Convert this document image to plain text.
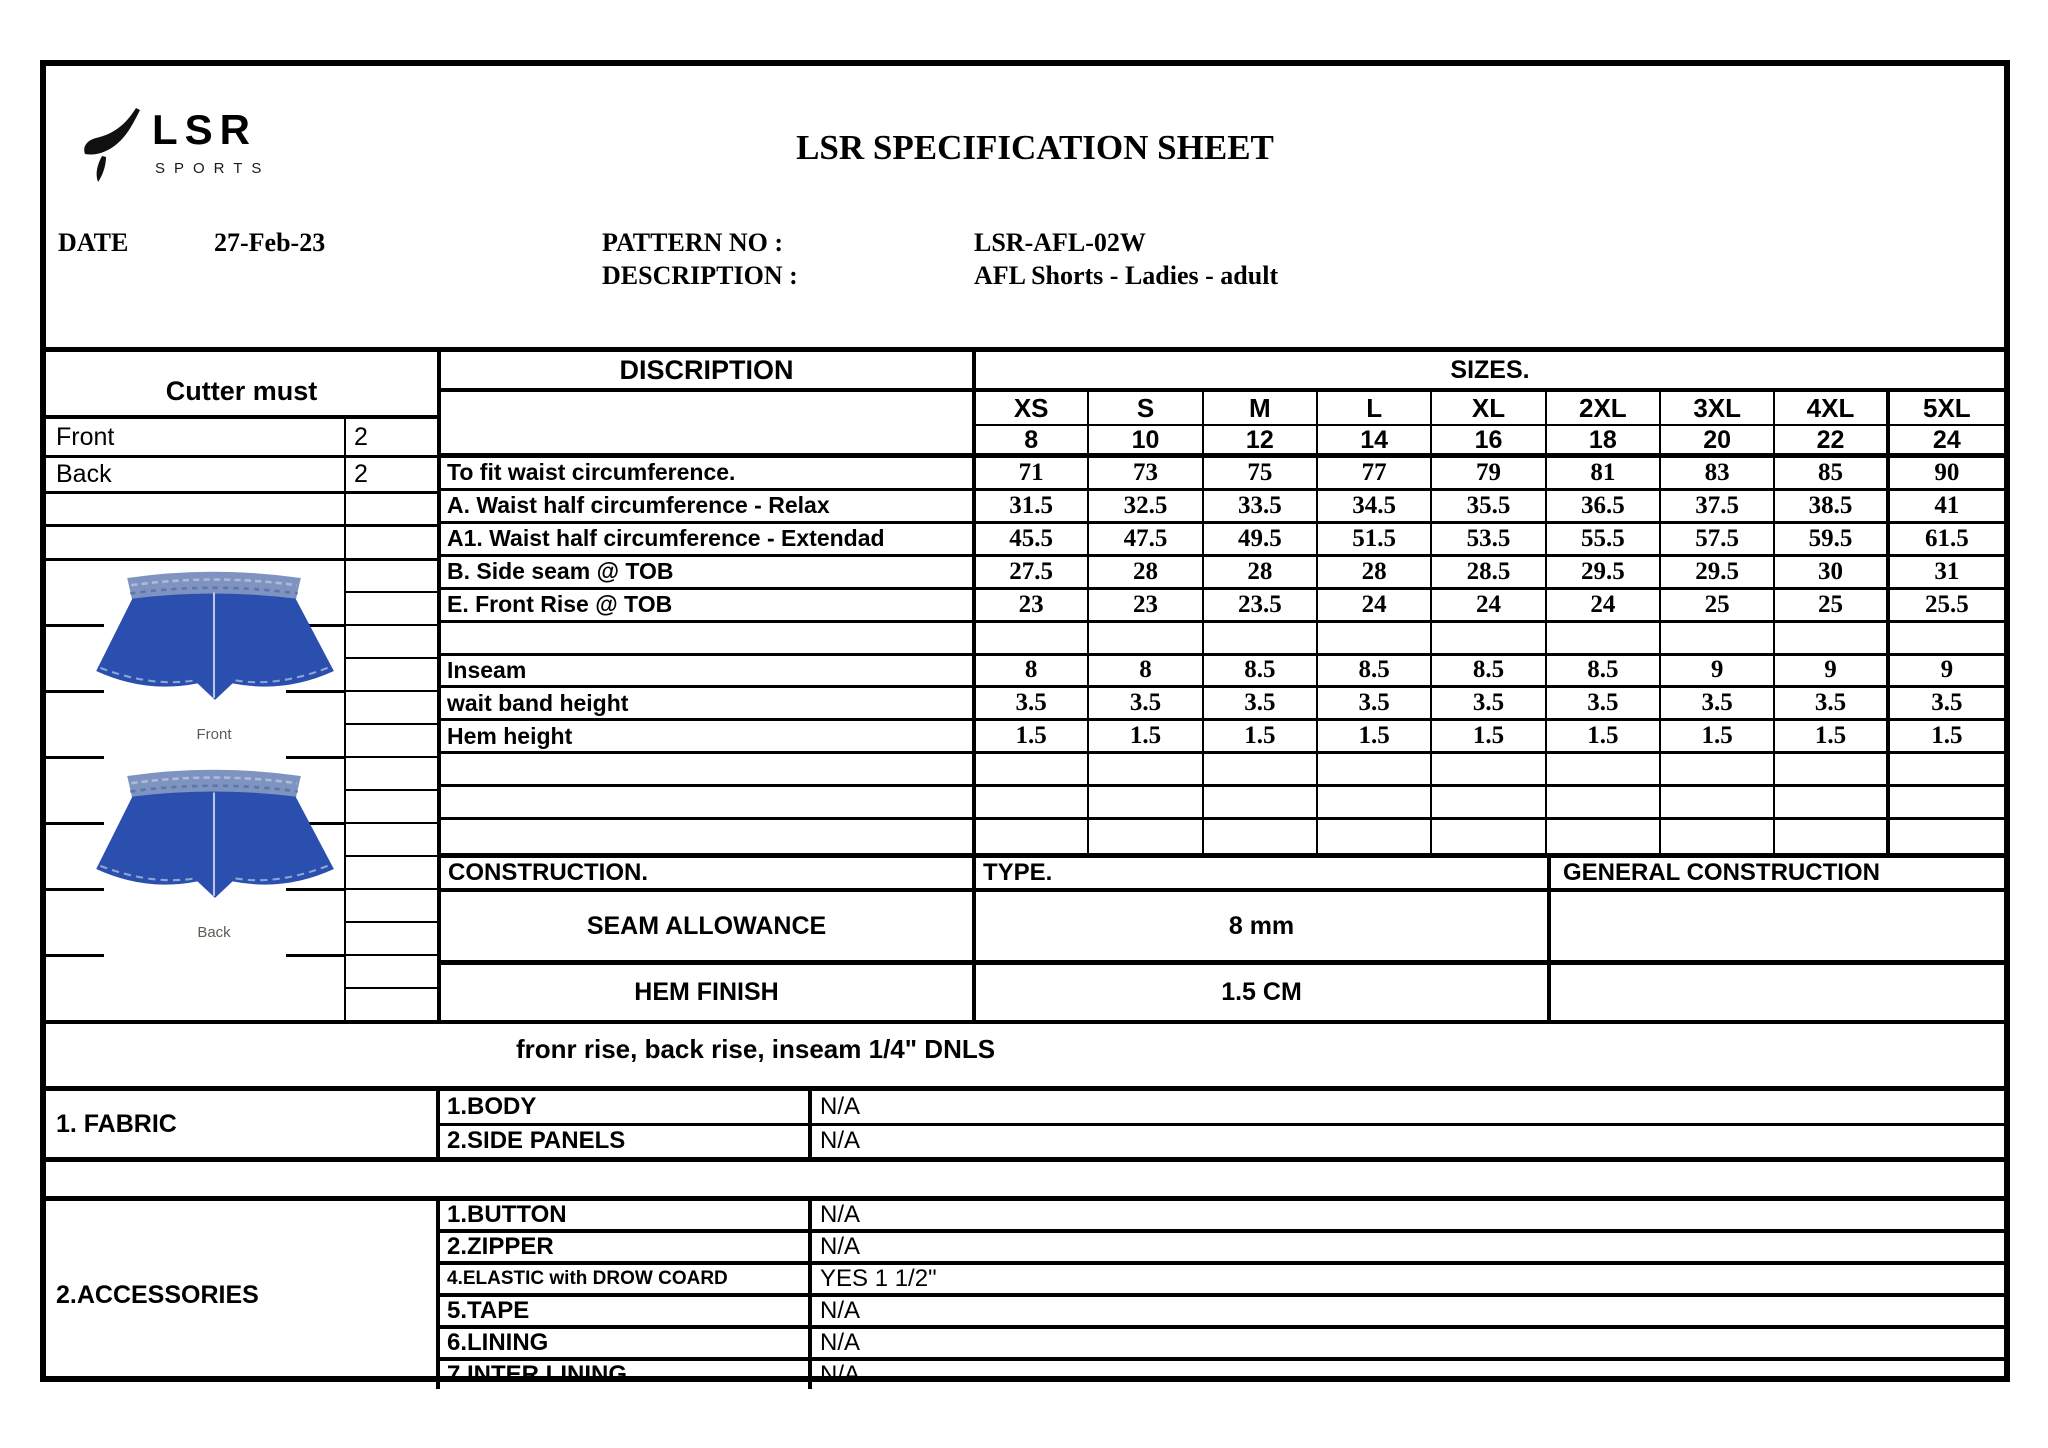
LSR
SPORTS
LSR SPECIFICATION SHEET
DATE	27-Feb-23	PATTERN NO :	LSR-AFL-02W
DESCRIPTION :	AFL Shorts - Ladies - adult
Cutter must
Front	2
Back	2
Front
Back
DISCRIPTION	SIZES.
XS	S	M	L	XL	2XL	3XL	4XL	5XL
8	10	12	14	16	18	20	22	24
To fit waist circumference.	71	73	75	77	79	81	83	85	90
A. Waist half circumference - Relax	31.5	32.5	33.5	34.5	35.5	36.5	37.5	38.5	41
A1. Waist half circumference - Extendad	45.5	47.5	49.5	51.5	53.5	55.5	57.5	59.5	61.5
B. Side seam @ TOB	27.5	28	28	28	28.5	29.5	29.5	30	31
E. Front Rise @ TOB	23	23	23.5	24	24	24	25	25	25.5
Inseam	8	8	8.5	8.5	8.5	8.5	9	9	9
wait band height	3.5	3.5	3.5	3.5	3.5	3.5	3.5	3.5	3.5
Hem height	1.5	1.5	1.5	1.5	1.5	1.5	1.5	1.5	1.5
CONSTRUCTION.	TYPE.	GENERAL CONSTRUCTION
SEAM ALLOWANCE	8 mm
HEM FINISH	1.5 CM
fronr rise, back rise, inseam 1/4" DNLS
1. FABRIC
1.BODY	N/A
2.SIDE PANELS	N/A
2.ACCESSORIES
1.BUTTON	N/A
2.ZIPPER	N/A
4.ELASTIC with DROW COARD	YES 1 1/2"
5.TAPE	N/A
6.LINING	N/A
7.INTER LINING	N/A
